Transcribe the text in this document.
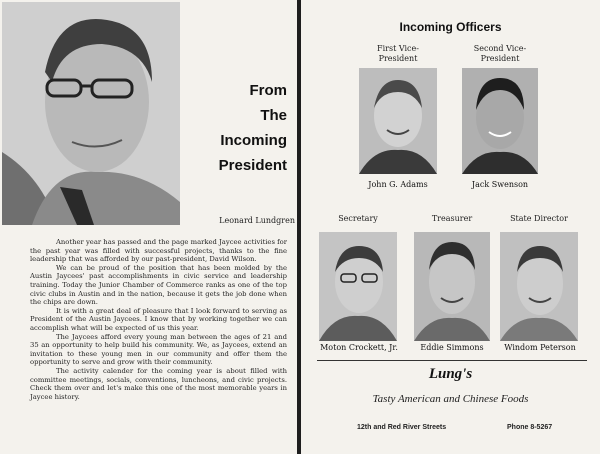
From
The
Incoming
President
Leonard Lundgren

Another year has passed and the page marked Jaycee activities for the past year was filled with successful projects, thanks to the fine leadership that was afforded by our past-president, David Wilson.

We can be proud of the position that has been molded by the Austin Jaycees' past accomplishments in civic service and leadership training. Today the Junior Chamber of Commerce ranks as one of the top civic clubs in Austin and in the nation, because it gets the job done when the chips are down.

It is with a great deal of pleasure that I look forward to serving as President of the Austin Jaycees. I know that by working together we can accomplish what will be expected of us this year.

The Jaycees afford every young man between the ages of 21 and 35 an opportunity to help build his community. We, as Jaycees, extend an invitation to these young men in our community and offer them the opportunity to serve and grow with their community.

The activity calender for the coming year is about filled with committee meetings, socials, conventions, luncheons, and civic projects. Check them over and let's make this one of the most memorable years in Jaycee history.

Incoming Officers
First Vice-President
John G. Adams
Second Vice-President
Jack Swenson
Secretary
Moton Crockett, Jr.
Treasurer
Eddie Simmons
State Director
Windom Peterson
Lung's
Tasty American and Chinese Foods
12th and Red River Streets	Phone 8-5267
